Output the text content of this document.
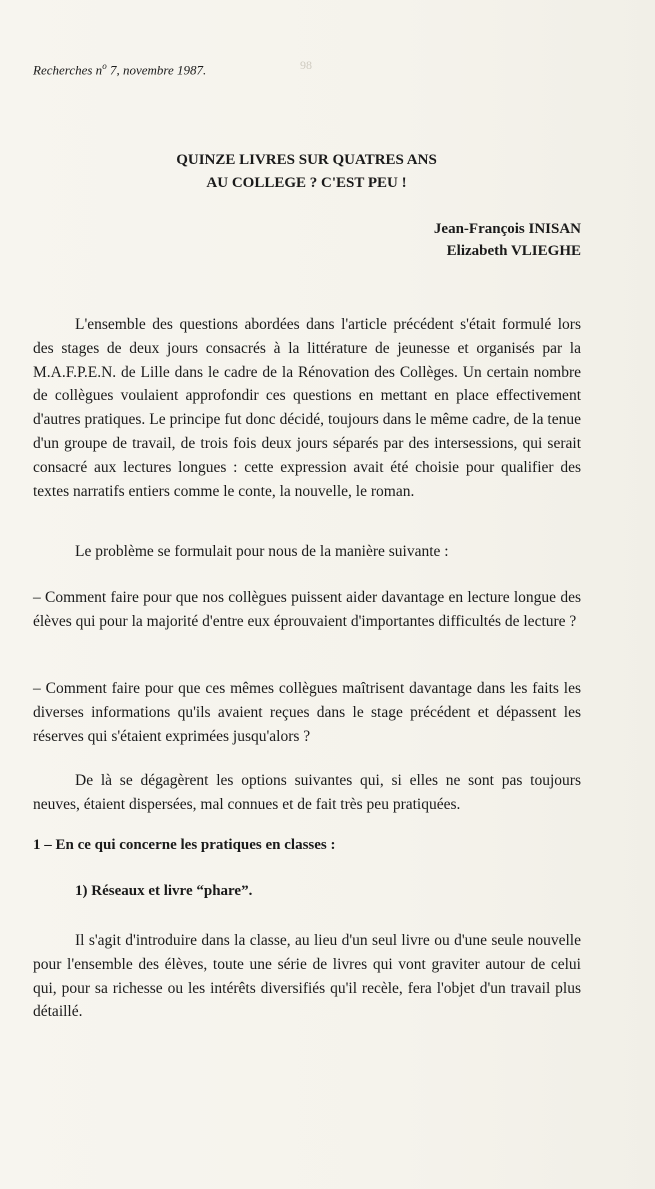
98
Recherches $n^o$ 7, novembre 1987.
QUINZE LIVRES SUR QUATRES ANS
AU COLLEGE ? C'EST PEU !
Jean-François INISAN
Elizabeth VLIEGHE

L'ensemble des questions abordées dans l'article précédent s'était formulé lors des stages de deux jours consacrés à la littérature de jeunesse et organisés par la M.A.F.P.E.N. de Lille dans le cadre de la Rénovation des Collèges. Un certain nombre de collègues voulaient approfondir ces questions en mettant en place effectivement d'autres pratiques. Le principe fut donc décidé, toujours dans le même cadre, de la tenue d'un groupe de travail, de trois fois deux jours séparés par des intersessions, qui serait consacré aux lectures longues : cette expression avait été choisie pour qualifier des textes narratifs entiers comme le conte, la nouvelle, le roman.

Le problème se formulait pour nous de la manière suivante :

– Comment faire pour que nos collègues puissent aider davantage en lecture longue des élèves qui pour la majorité d'entre eux éprouvaient d'importantes difficultés de lecture ?

– Comment faire pour que ces mêmes collègues maîtrisent davantage dans les faits les diverses informations qu'ils avaient reçues dans le stage précédent et dépassent les réserves qui s'étaient exprimées jusqu'alors ?

De là se dégagèrent les options suivantes qui, si elles ne sont pas toujours neuves, étaient dispersées, mal connues et de fait très peu pratiquées.

1 – En ce qui concerne les pratiques en classes :
1) Réseaux et livre “phare”.

Il s'agit d'introduire dans la classe, au lieu d'un seul livre ou d'une seule nouvelle pour l'ensemble des élèves, toute une série de livres qui vont graviter autour de celui qui, pour sa richesse ou les intérêts diversifiés qu'il recèle, fera l'objet d'un travail plus détaillé.
